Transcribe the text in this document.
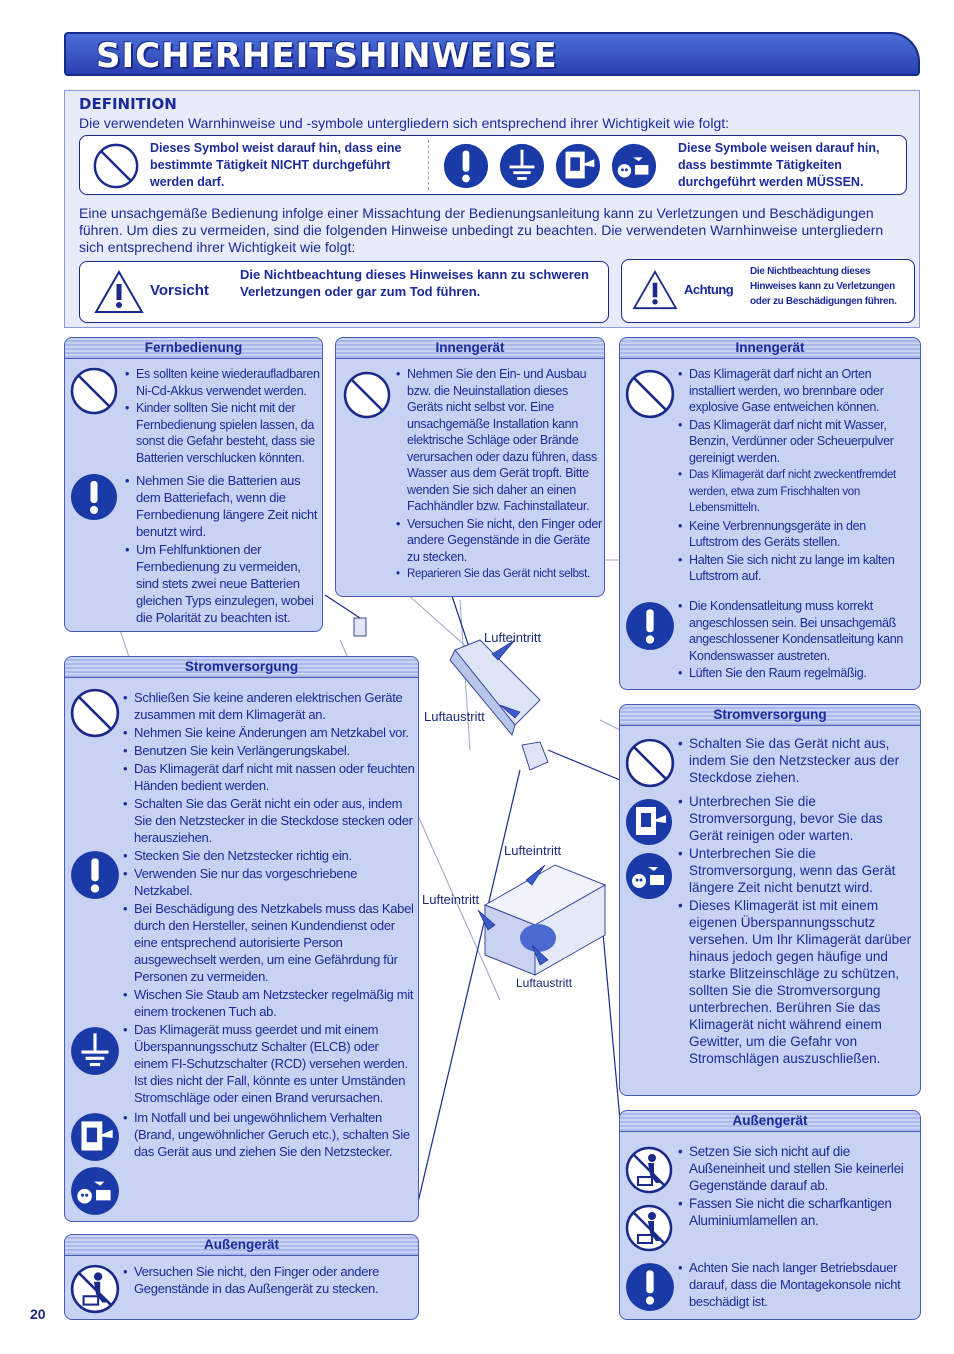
SICHERHEITSHINWEISE
DEFINITION
Die verwendeten Warnhinweise und -symbole untergliedern sich entsprechend ihrer Wichtigkeit wie folgt:
Dieses Symbol weist darauf hin, dass eine bestimmte Tätigkeit NICHT durchgeführt werden darf.
Diese Symbole weisen darauf hin, dass bestimmte Tätigkeiten durchgeführt werden MÜSSEN.
Eine unsachgemäße Bedienung infolge einer Missachtung der Bedienungsanleitung kann zu Verletzungen und Beschädigungen führen. Um dies zu vermeiden, sind die folgenden Hinweise unbedingt zu beachten. Die verwendeten Warnhinweise untergliedern sich entsprechend ihrer Wichtigkeit wie folgt:
Vorsicht
Die Nichtbeachtung dieses Hinweises kann zu schweren Verletzungen oder gar zum Tod führen.	Achtung
Die Nichtbeachtung dieses Hinweises kann zu Verletzungen oder zu Beschädigungen führen.
Lufteintritt
Luftaustritt
Lufteintritt
Lufteintritt
Luftaustritt
Fernbedienung
• Es sollten keine wiederaufladbaren Ni-Cd-Akkus verwendet werden.
• Kinder sollten Sie nicht mit der Fernbedienung spielen lassen, da sonst die Gefahr besteht, dass sie Batterien verschlucken könnten.
• Nehmen Sie die Batterien aus dem Batteriefach, wenn die Fernbedienung längere Zeit nicht benutzt wird.
• Um Fehlfunktionen der Fernbedienung zu vermeiden, sind stets zwei neue Batterien gleichen Typs einzulegen, wobei die Polarität zu beachten ist.
Innengerät
• Nehmen Sie den Ein- und Ausbau bzw. die Neuinstallation dieses Geräts nicht selbst vor. Eine unsachgemäße Installation kann elektrische Schläge oder Brände verursachen oder dazu führen, dass Wasser aus dem Gerät tropft. Bitte wenden Sie sich daher an einen Fachhändler bzw. Fachinstallateur.
• Versuchen Sie nicht, den Finger oder andere Gegenstände in die Geräte zu stecken.
• Reparieren Sie das Gerät nicht selbst.
Innengerät
• Das Klimagerät darf nicht an Orten installiert werden, wo brennbare oder explosive Gase entweichen können.
• Das Klimagerät darf nicht mit Wasser, Benzin, Verdünner oder Scheuerpulver gereinigt werden.
• Das Klimagerät darf nicht zweckentfremdet werden, etwa zum Frischhalten von Lebensmitteln.
• Keine Verbrennungsgeräte in den Luftstrom des Geräts stellen.
• Halten Sie sich nicht zu lange im kalten Luftstrom auf.
• Die Kondensatleitung muss korrekt angeschlossen sein. Bei unsachgemäß angeschlossener Kondensatleitung kann Kondenswasser austreten.
• Lüften Sie den Raum regelmäßig.
Stromversorgung
• Schließen Sie keine anderen elektrischen Geräte zusammen mit dem Klimagerät an.
• Nehmen Sie keine Änderungen am Netzkabel vor.
• Benutzen Sie kein Verlängerungskabel.
• Das Klimagerät darf nicht mit nassen oder feuchten Händen bedient werden.
• Schalten Sie das Gerät nicht ein oder aus, indem Sie den Netzstecker in die Steckdose stecken oder herausziehen.
• Stecken Sie den Netzstecker richtig ein.
• Verwenden Sie nur das vorgeschriebene Netzkabel.
• Bei Beschädigung des Netzkabels muss das Kabel durch den Hersteller, seinen Kundendienst oder eine entsprechend autorisierte Person ausgewechselt werden, um eine Gefährdung für Personen zu vermeiden.
• Wischen Sie Staub am Netzstecker regelmäßig mit einem trockenen Tuch ab.
• Das Klimagerät muss geerdet und mit einem Überspannungsschutz Schalter (ELCB) oder einem FI-Schutzschalter (RCD) versehen werden. Ist dies nicht der Fall, könnte es unter Umständen Stromschläge oder einen Brand verursachen.
• Im Notfall und bei ungewöhnlichem Verhalten (Brand, ungewöhnlicher Geruch etc.), schalten Sie das Gerät aus und ziehen Sie den Netzstecker.
Stromversorgung
• Schalten Sie das Gerät nicht aus, indem Sie den Netzstecker aus der Steckdose ziehen.
• Unterbrechen Sie die Stromversorgung, bevor Sie das Gerät reinigen oder warten.
• Unterbrechen Sie die Stromversorgung, wenn das Gerät längere Zeit nicht benutzt wird.
• Dieses Klimagerät ist mit einem eigenen Überspannungsschutz versehen. Um Ihr Klimagerät darüber hinaus jedoch gegen häufige und starke Blitzeinschläge zu schützen, sollten Sie die Stromversorgung unterbrechen. Berühren Sie das Klimagerät nicht während einem Gewitter, um die Gefahr von Stromschlägen auszuschließen.
Außengerät
• Versuchen Sie nicht, den Finger oder andere Gegenstände in das Außengerät zu stecken.
Außengerät
• Setzen Sie sich nicht auf die Außeneinheit und stellen Sie keinerlei Gegenstände darauf ab.
• Fassen Sie nicht die scharfkantigen Aluminiumlamellen an.
• Achten Sie nach langer Betriebsdauer darauf, dass die Montagekonsole nicht beschädigt ist.
20
